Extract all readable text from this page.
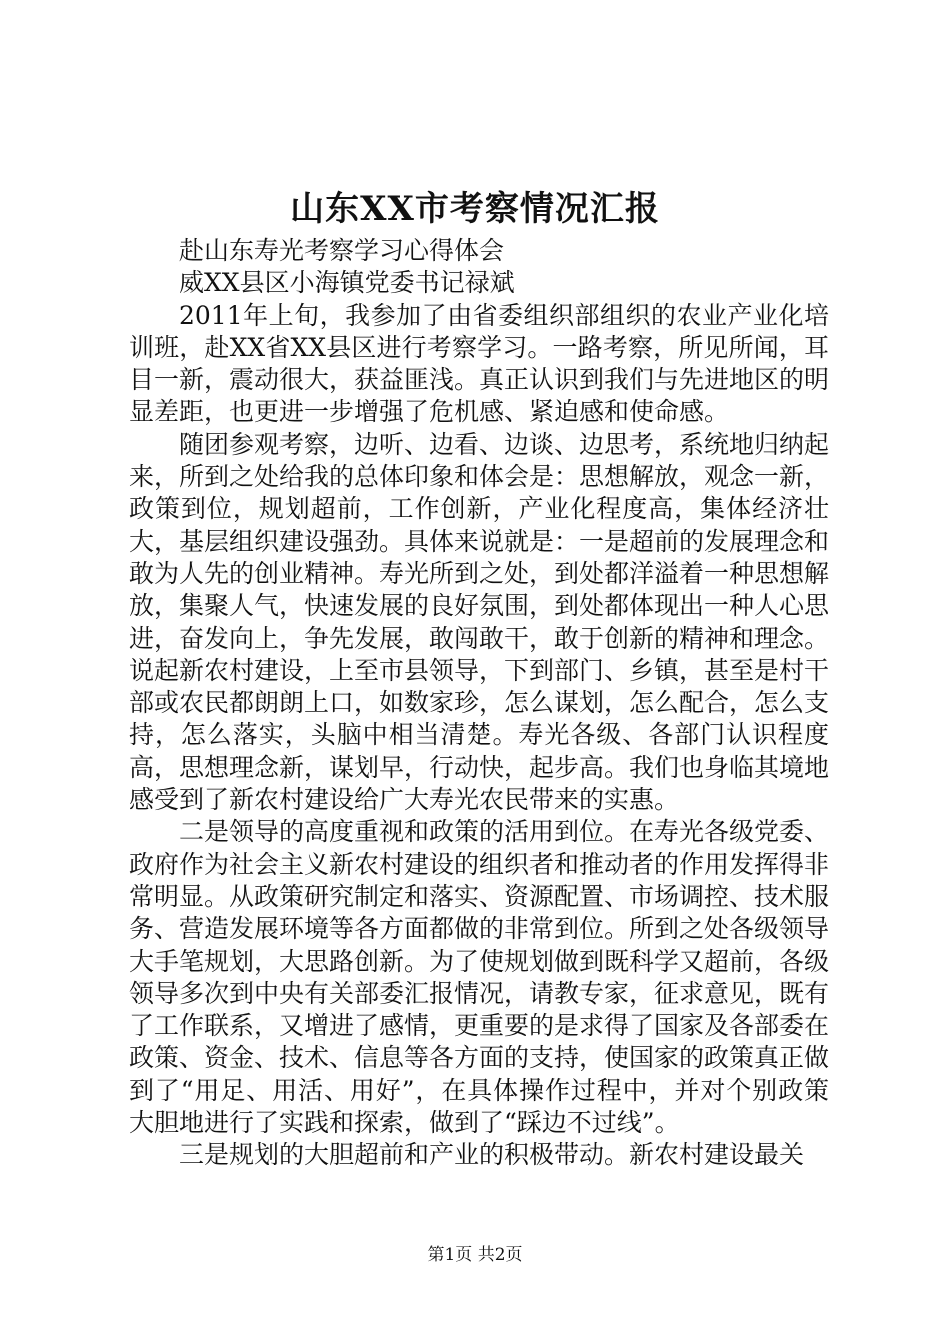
山东XX市考察情况汇报

赴山东寿光考察学习心得体会

威XX县区小海镇党委书记禄斌

2011年上旬，我参加了由省委组织部组织的农业产业化培训班，赴XX省XX县区进行考察学习。一路考察，所见所闻，耳目一新，震动很大，获益匪浅。真正认识到我们与先进地区的明显差距，也更进一步增强了危机感、紧迫感和使命感。

随团参观考察，边听、边看、边谈、边思考，系统地归纳起来，所到之处给我的总体印象和体会是：思想解放，观念一新，政策到位，规划超前，工作创新，产业化程度高，集体经济壮大，基层组织建设强劲。具体来说就是：一是超前的发展理念和敢为人先的创业精神。寿光所到之处，到处都洋溢着一种思想解放，集聚人气，快速发展的良好氛围，到处都体现出一种人心思进，奋发向上，争先发展，敢闯敢干，敢于创新的精神和理念。说起新农村建设，上至市县领导，下到部门、乡镇，甚至是村干部或农民都朗朗上口，如数家珍，怎么谋划，怎么配合，怎么支持，怎么落实，头脑中相当清楚。寿光各级、各部门认识程度高，思想理念新，谋划早，行动快，起步高。我们也身临其境地感受到了新农村建设给广大寿光农民带来的实惠。

二是领导的高度重视和政策的活用到位。在寿光各级党委、政府作为社会主义新农村建设的组织者和推动者的作用发挥得非常明显。从政策研究制定和落实、资源配置、市场调控、技术服务、营造发展环境等各方面都做的非常到位。所到之处各级领导大手笔规划，大思路创新。为了使规划做到既科学又超前，各级领导多次到中央有关部委汇报情况，请教专家，征求意见，既有了工作联系，又增进了感情，更重要的是求得了国家及各部委在政策、资金、技术、信息等各方面的支持，使国家的政策真正做到了“用足、用活、用好”，在具体操作过程中，并对个别政策大胆地进行了实践和探索，做到了“踩边不过线”。

三是规划的大胆超前和产业的积极带动。新农村建设最关

第1页 共2页
